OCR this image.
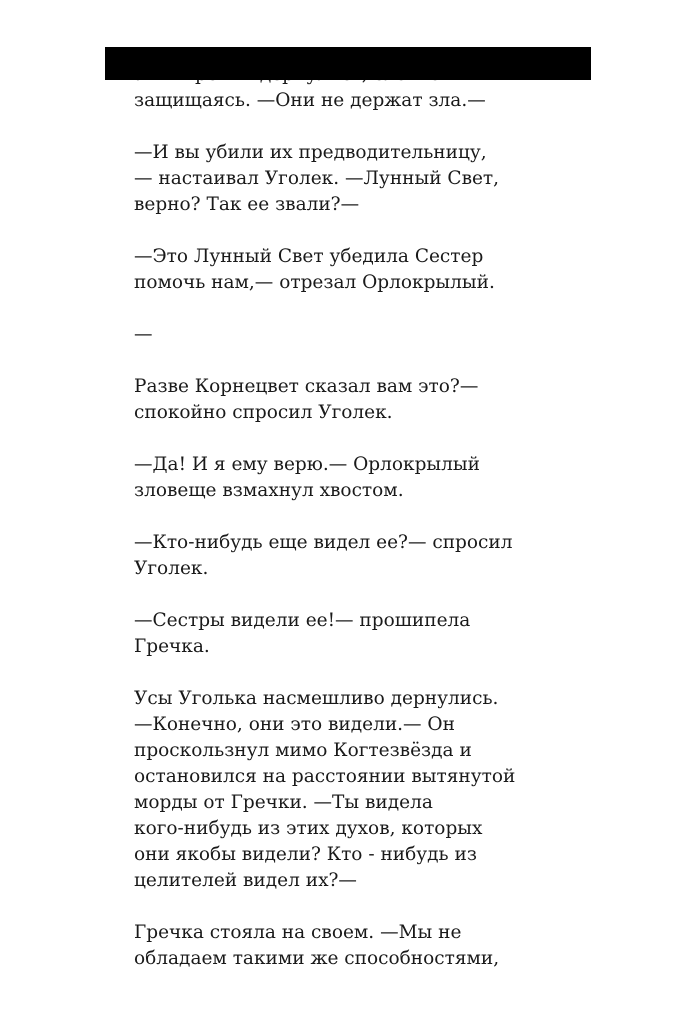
защищаясь. —Они не держат зла.—

—И вы убили их предводительницу,
— настаивал Уголек. —Лунный Свет,
верно? Так ее звали?—

—Это Лунный Свет убедила Сестер
помочь нам,— отрезал Орлокрылый.

—

Разве Корнецвет сказал вам это?—
спокойно спросил Уголек.

—Да! И я ему верю.— Орлокрылый
зловеще взмахнул хвостом.

—Кто-нибудь еще видел ее?— спросил
Уголек.

—Сестры видели ее!— прошипела
Гречка.

Усы Уголька насмешливо дернулись.
—Конечно, они это видели.— Он
проскользнул мимо Когтезвёзда и
остановился на расстоянии вытянутой
морды от Гречки. —Ты видела
кого-нибудь из этих духов, которых
они якобы видели? Кто - нибудь из
целителей видел их?—

Гречка стояла на своем. —Мы не
обладаем такими же способностями,
